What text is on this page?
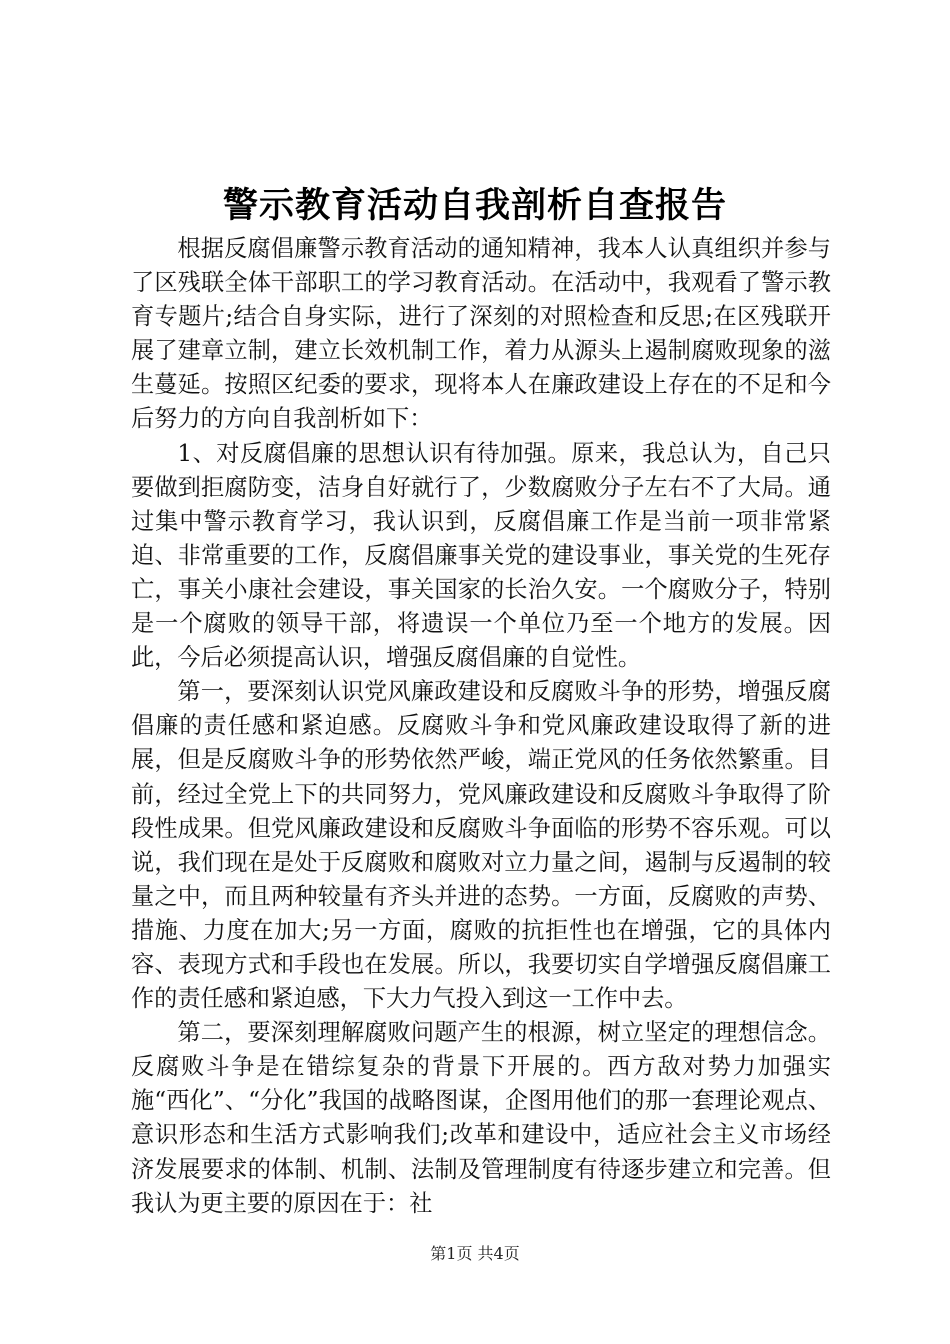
警示教育活动自我剖析自查报告

根据反腐倡廉警示教育活动的通知精神，我本人认真组织并参与了区残联全体干部职工的学习教育活动。在活动中，我观看了警示教育专题片;结合自身实际，进行了深刻的对照检查和反思;在区残联开展了建章立制，建立长效机制工作，着力从源头上遏制腐败现象的滋生蔓延。按照区纪委的要求，现将本人在廉政建设上存在的不足和今后努力的方向自我剖析如下：

1、对反腐倡廉的思想认识有待加强。原来，我总认为，自己只要做到拒腐防变，洁身自好就行了，少数腐败分子左右不了大局。通过集中警示教育学习，我认识到，反腐倡廉工作是当前一项非常紧迫、非常重要的工作，反腐倡廉事关党的建设事业，事关党的生死存亡，事关小康社会建设，事关国家的长治久安。一个腐败分子，特别是一个腐败的领导干部，将遗误一个单位乃至一个地方的发展。因此，今后必须提高认识，增强反腐倡廉的自觉性。

第一，要深刻认识党风廉政建设和反腐败斗争的形势，增强反腐倡廉的责任感和紧迫感。反腐败斗争和党风廉政建设取得了新的进展，但是反腐败斗争的形势依然严峻，端正党风的任务依然繁重。目前，经过全党上下的共同努力，党风廉政建设和反腐败斗争取得了阶段性成果。但党风廉政建设和反腐败斗争面临的形势不容乐观。可以说，我们现在是处于反腐败和腐败对立力量之间，遏制与反遏制的较量之中，而且两种较量有齐头并进的态势。一方面，反腐败的声势、措施、力度在加大;另一方面，腐败的抗拒性也在增强，它的具体内容、表现方式和手段也在发展。所以，我要切实自学增强反腐倡廉工作的责任感和紧迫感，下大力气投入到这一工作中去。

第二，要深刻理解腐败问题产生的根源，树立坚定的理想信念。反腐败斗争是在错综复杂的背景下开展的。西方敌对势力加强实施“西化”、“分化”我国的战略图谋，企图用他们的那一套理论观点、意识形态和生活方式影响我们;改革和建设中，适应社会主义市场经济发展要求的体制、机制、法制及管理制度有待逐步建立和完善。但我认为更主要的原因在于：社

第1页 共4页
